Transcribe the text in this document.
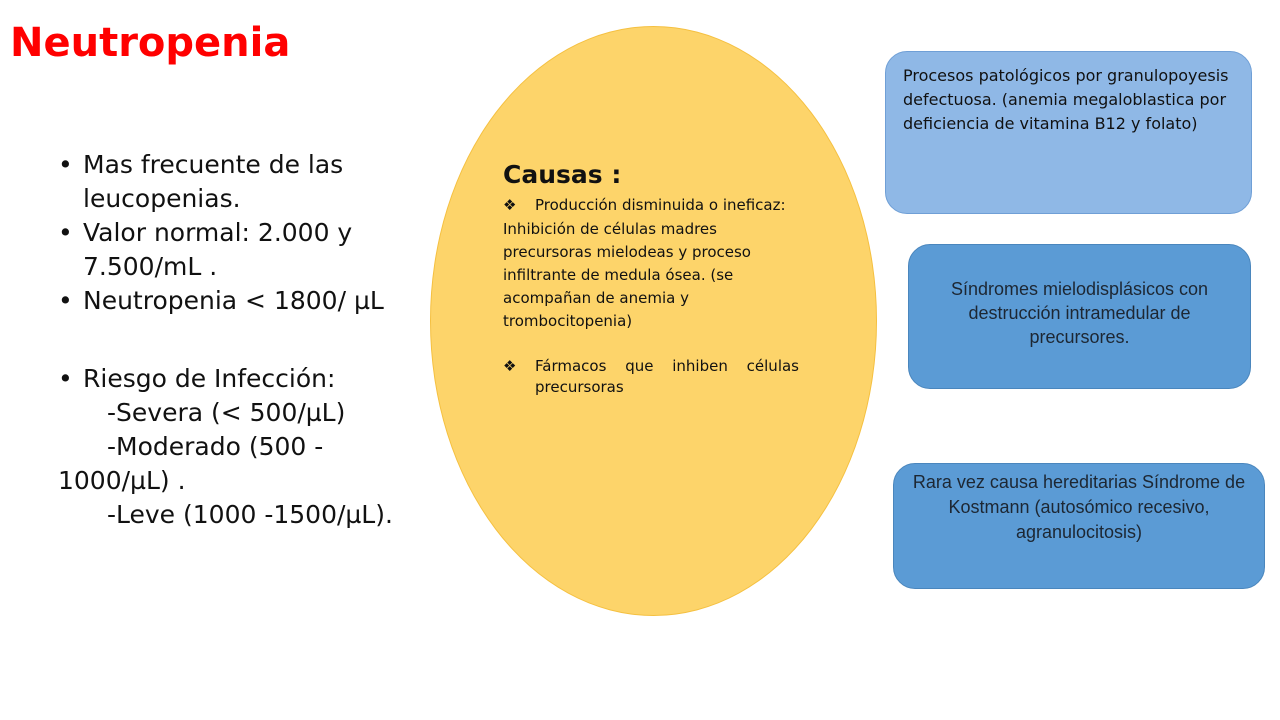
Neutropenia

• Mas frecuente de las leucopenias.

• Valor normal: 2.000 y 7.500/mL .

• Neutropenia < 1800/ µL

• Riesgo de Infección:

-Severa (< 500/µL)
-Moderado (500 -
1000/µL) .
-Leve (1000 -1500/µL).
Causas :
❖ Producción disminuida o ineficaz:
Inhibición de células madres precursoras mielodeas y proceso infiltrante de medula ósea. (se acompañan de anemia y trombocitopenia)
❖ Fármacos que inhiben células precursoras
Procesos patológicos por granulopoyesis defectuosa. (anemia megaloblastica por deficiencia de vitamina B12 y folato)
Síndromes mielodisplásicos con destrucción intramedular de precursores.
Rara vez causa hereditarias Síndrome de Kostmann (autosómico recesivo, agranulocitosis)
